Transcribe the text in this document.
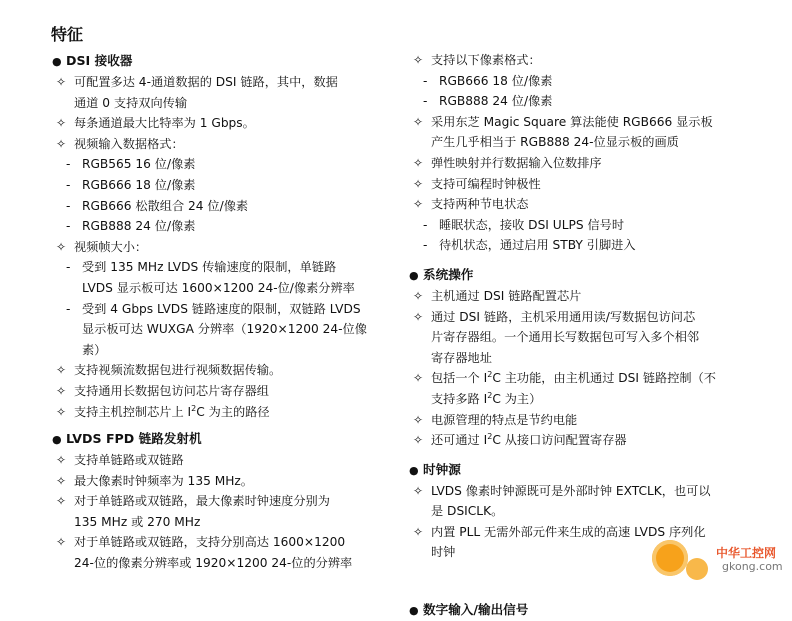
特征
● DSI 接收器
✧ 可配置多达 4-通道数据的 DSI 链路，其中，数据
通道 0 支持双向传输
✧ 每条通道最大比特率为 1 Gbps。
✧ 视频输入数据格式：
- RGB565 16 位/像素
- RGB666 18 位/像素
- RGB666 松散组合 24 位/像素
- RGB888 24 位/像素
✧ 视频帧大小：
- 受到 135 MHz LVDS 传输速度的限制，单链路
LVDS 显示板可达 1600×1200 24-位/像素分辨率
- 受到 4 Gbps LVDS 链路速度的限制，双链路 LVDS
显示板可达 WUXGA 分辨率（1920×1200 24-位像
素）
✧ 支持视频流数据包进行视频数据传输。
✧ 支持通用长数据包访问芯片寄存器组
✧ 支持主机控制芯片上 $I^2C$ 为主的路径
● LVDS FPD 链路发射机
✧ 支持单链路或双链路
✧ 最大像素时钟频率为 135 MHz。
✧ 对于单链路或双链路，最大像素时钟速度分别为
135 MHz 或 270 MHz
✧ 对于单链路或双链路，支持分别高达 1600×1200
24-位的像素分辨率或 1920×1200 24-位的分辨率
✧ 支持以下像素格式：
- RGB666 18 位/像素
- RGB888 24 位/像素
✧ 采用东芝 Magic Square 算法能使 RGB666 显示板
产生几乎相当于 RGB888 24-位显示板的画质
✧ 弹性映射并行数据输入位数排序
✧ 支持可编程时钟极性
✧ 支持两种节电状态
- 睡眠状态，接收 DSI ULPS 信号时
- 待机状态，通过启用 STBY 引脚进入
● 系统操作
✧ 主机通过 DSI 链路配置芯片
✧ 通过 DSI 链路，主机采用通用读/写数据包访问芯
片寄存器组。一个通用长写数据包可写入多个相邻
寄存器地址
✧ 包括一个 $I^2C$ 主功能，由主机通过 DSI 链路控制（不
支持多路 $I^2C$ 为主）
✧ 电源管理的特点是节约电能
✧ 还可通过 $I^2C$ 从接口访问配置寄存器
● 时钟源
✧ LVDS 像素时钟源既可是外部时钟 EXTCLK，也可以
是 DSICLK。
✧ 内置 PLL 无需外部元件来生成的高速 LVDS 序列化
时钟
● 数字输入/输出信号
中华工控网
gkong.com
